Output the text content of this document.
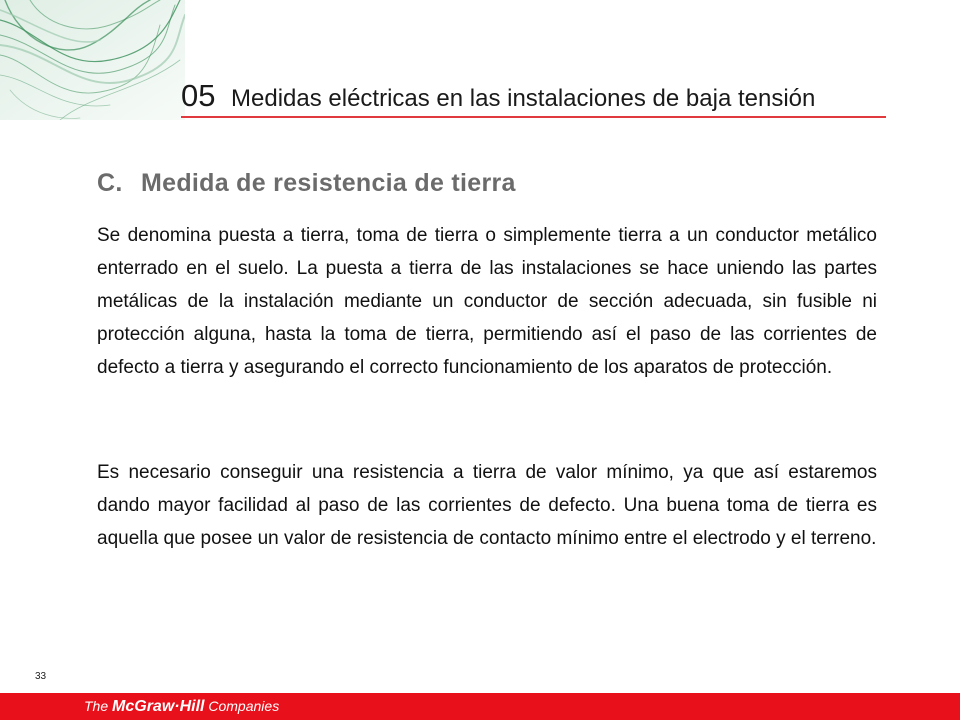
05 Medidas eléctricas en las instalaciones de baja tensión
C. Medida de resistencia de tierra

Se denomina puesta a tierra, toma de tierra o simplemente tierra a un conductor metálico enterrado en el suelo. La puesta a tierra de las instalaciones se hace uniendo las partes metálicas de la instalación mediante un conductor de sección adecuada, sin fusible ni protección alguna, hasta la toma de tierra, permitiendo así el paso de las corrientes de defecto a tierra y asegurando el correcto funcionamiento de los aparatos de protección.

Es necesario conseguir una resistencia a tierra de valor mínimo, ya que así estaremos dando mayor facilidad al paso de las corrientes de defecto. Una buena toma de tierra es aquella que posee un valor de resistencia de contacto mínimo entre el electrodo y el terreno.

33
The McGraw·Hill Companies
